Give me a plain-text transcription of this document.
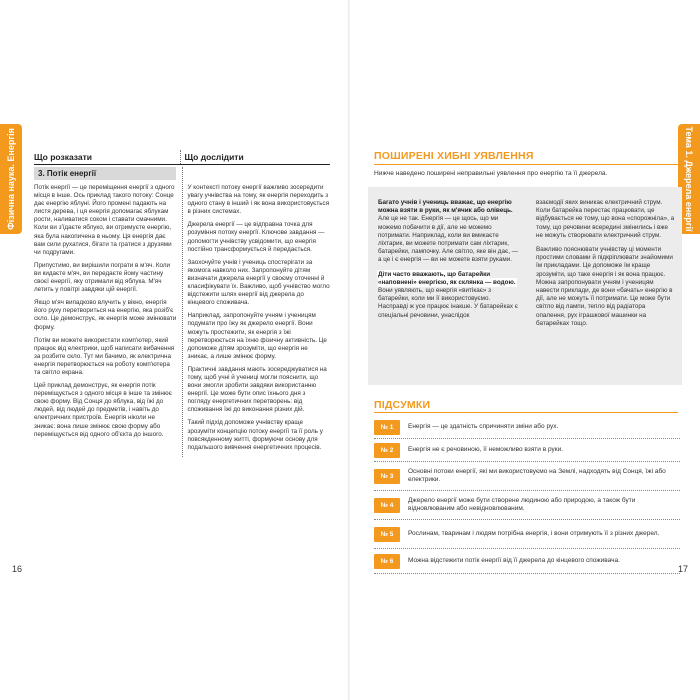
Фізична наука. Енергія Що розказати	Що дослідити
3. Потік енергії

Потік енергії — це переміщення енергії з одного місця в інше. Ось приклад такого потоку: Сонце дає енергію яблуні. Його промені падають на листя дерева, і ця енергія допомагає яблукам рости, наливатися соком і ставати смачними. Коли ви з'їдаєте яблуко, ви отримуєте енергію, яка була накопичена в ньому. Ця енергія дає вам сили рухатися, бігати та гратися з друзями чи подругами.

Припустимо, ви вирішили пограти в м'яч. Коли ви кидаєте м'яч, ви передаєте йому частину своєї енергії, яку отримали від яблука. М'яч летить у повітрі завдяки цій енергії.

Якщо м'яч випадково влучить у вікно, енергія його руху перетвориться на енергію, яка розіб'є скло. Це демонструє, як енергія може змінювати форму.

Потім ви можете використати комп'ютер, який працює від електрики, щоб написати вибачення за розбите скло. Тут ми бачимо, як електрична енергія перетворюється на роботу комп'ютера та світло екрана.

Цей приклад демонструє, як енергія потік переміщується з одного місця в інше та змінює свою форму. Від Сонця до яблука, від їжі до людей, від людей до предметів, і навіть до електричних пристроїв. Енергія ніколи не зникає: вона лише змінює свою форму або переміщується від одного об'єкта до іншого.

У контексті потоку енергії важливо зосередити увагу учнівства на тому, як енергія переходить з одного стану в інший і як вона використовується в різних системах.

Джерела енергії — це відправна точка для розуміння потоку енергії. Ключове завдання — допомогти учнівству усвідомити, що енергія постійно трансформується й передається.

Заохочуйте учнів і учениць спостерігати за якомога навколо них. Запропонуйте дітям визначати джерела енергії у своєму оточенні й класифікувати їх. Важливо, щоб учнівство могло відстежити шлях енергії від джерела до кінцевого споживача.

Наприклад, запропонуйте учням і ученицям подумати про їжу як джерело енергії. Вони можуть простежити, як енергія з їжі перетворюється на їхню фізичну активність. Це допоможе дітям зрозуміти, що енергія не зникає, а лише змінює форму.

Практичні завдання мають зосереджуватися на тому, щоб учні й учениці могли пояснити, що вони змогли зробити завдяки використанню енергії. Це може бути опис їхнього дня з погляду енергетичних перетворень: від споживання їжі до виконання різних дій.

Такий підхід допоможе учнівству краще зрозуміти концепцію потоку енергії та її роль у повсякденному житті, формуючи основу для подальшого вивчення енергетичних процесів.

16
Тема 1. Джерела енергії
ПОШИРЕНІ ХИБНІ УЯВЛЕННЯ
Нижче наведено поширені неправильні уявлення про енергію та її джерела.

Багато учнів і учениць вважає, що енергію можна взяти в руки, як м'ячик або олівець. Але це не так. Енергія — це щось, що ми можемо побачити в дії, але не можемо потримати. Наприклад, коли ви вмикаєте ліхтарик, ви можете потримати сам ліхтарик, батарейки, лампочку. Але світло, яке він дає, — а це і є енергія — ви не можете взяти руками.

Діти часто вважають, що батарейки «наповнені» енергією, як склянка — водою. Вони уявляють, що енергія «витікає» з батарейки, коли ми її використовуємо. Насправді ж усе працює інакше. У батарейках є спеціальні речовини, унаслідок

взаємодії яких виникає електричний струм. Коли батарейка перестає працювати, це відбувається не тому, що вона «спорожніла», а тому, що речовини всередині змінились і вже не можуть створювати електричний струм.

Важливо пояснювати учнівству ці моменти простими словами й підкріплювати знайомими їм прикладами. Це допоможе їм краще зрозуміти, що таке енергія і як вона працює. Можна запропонувати учням і ученицям навести приклади, де вони «бачать» енергію в дії, але не можуть її потримати. Це може бути світло від лампи, тепло від радіатора опалення, рух іграшкової машинки на батарейках тощо.

ПІДСУМКИ
№ 1	Енергія — це здатність спричиняти зміни або рух.
№ 2	Енергія не є речовиною, її неможливо взяти в руки.
№ 3
Основні потоки енергії, які ми використовуємо на Землі, надходять від Сонця, їжі або електрики.
№ 4
Джерело енергії може бути створене людиною або природою, а також бути відновлюваним або невідновлюваним.
№ 5	Рослинам, тваринам і людям потрібна енергія, і вони отримують її з різних джерел.
№ 6	Можна відстежити потік енергії від її джерела до кінцевого споживача.
17
